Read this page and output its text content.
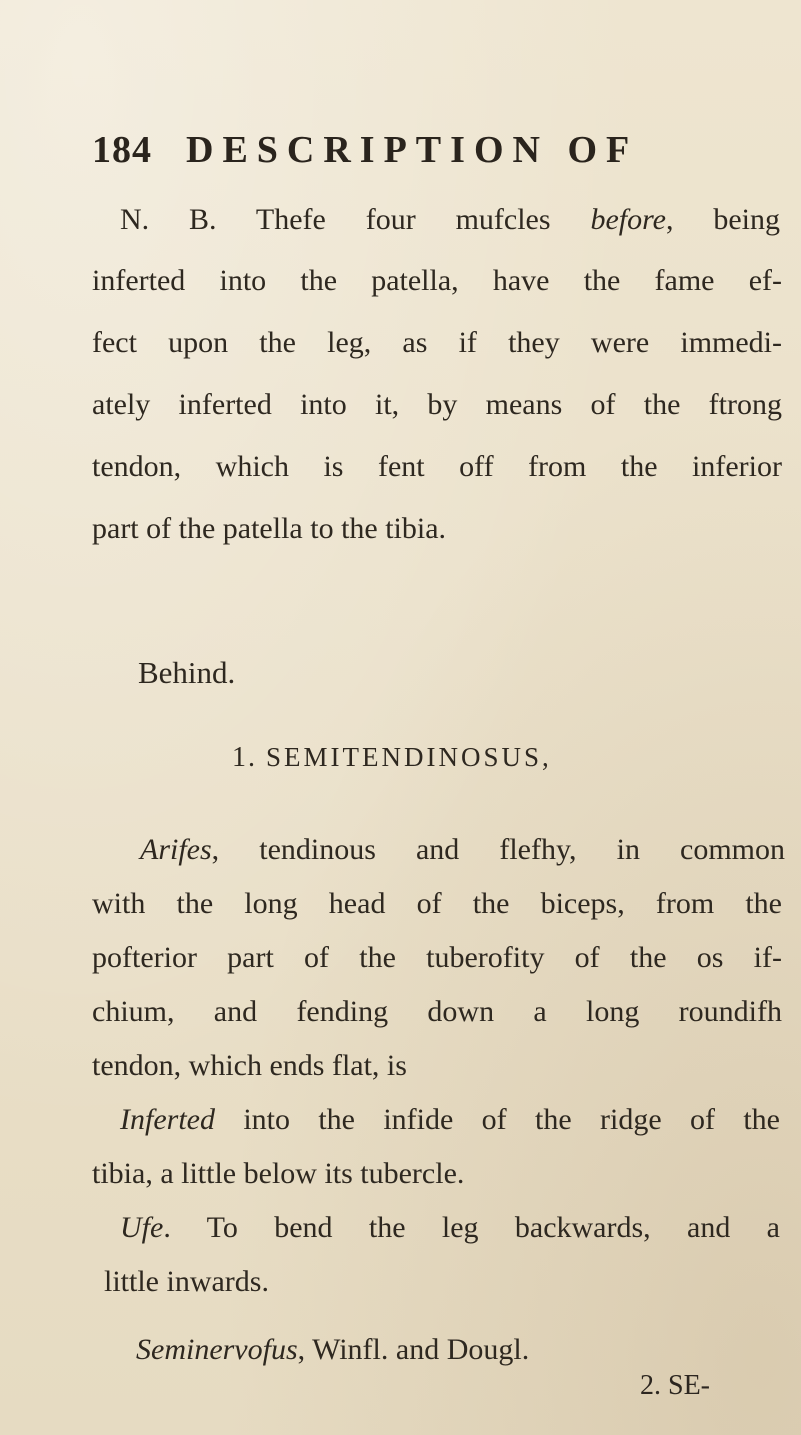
184 DESCRIPTION OF
N. B. Thefe four mufcles before, being
inferted into the patella, have the fame ef-
fect upon the leg, as if they were immedi-
ately inferted into it, by means of the ftrong
tendon, which is fent off from the inferior
part of the patella to the tibia.
Behind.
1. SEMITENDINOSUS,
Arifes, tendinous and flefhy, in common
with the long head of the biceps, from the
pofterior part of the tuberofity of the os if-
chium, and fending down a long roundifh
tendon, which ends flat, is
Inferted into the infide of the ridge of the
tibia, a little below its tubercle.
Ufe. To bend the leg backwards, and a
little inwards.
Seminervofus, Winfl. and Dougl.
2. SE-
